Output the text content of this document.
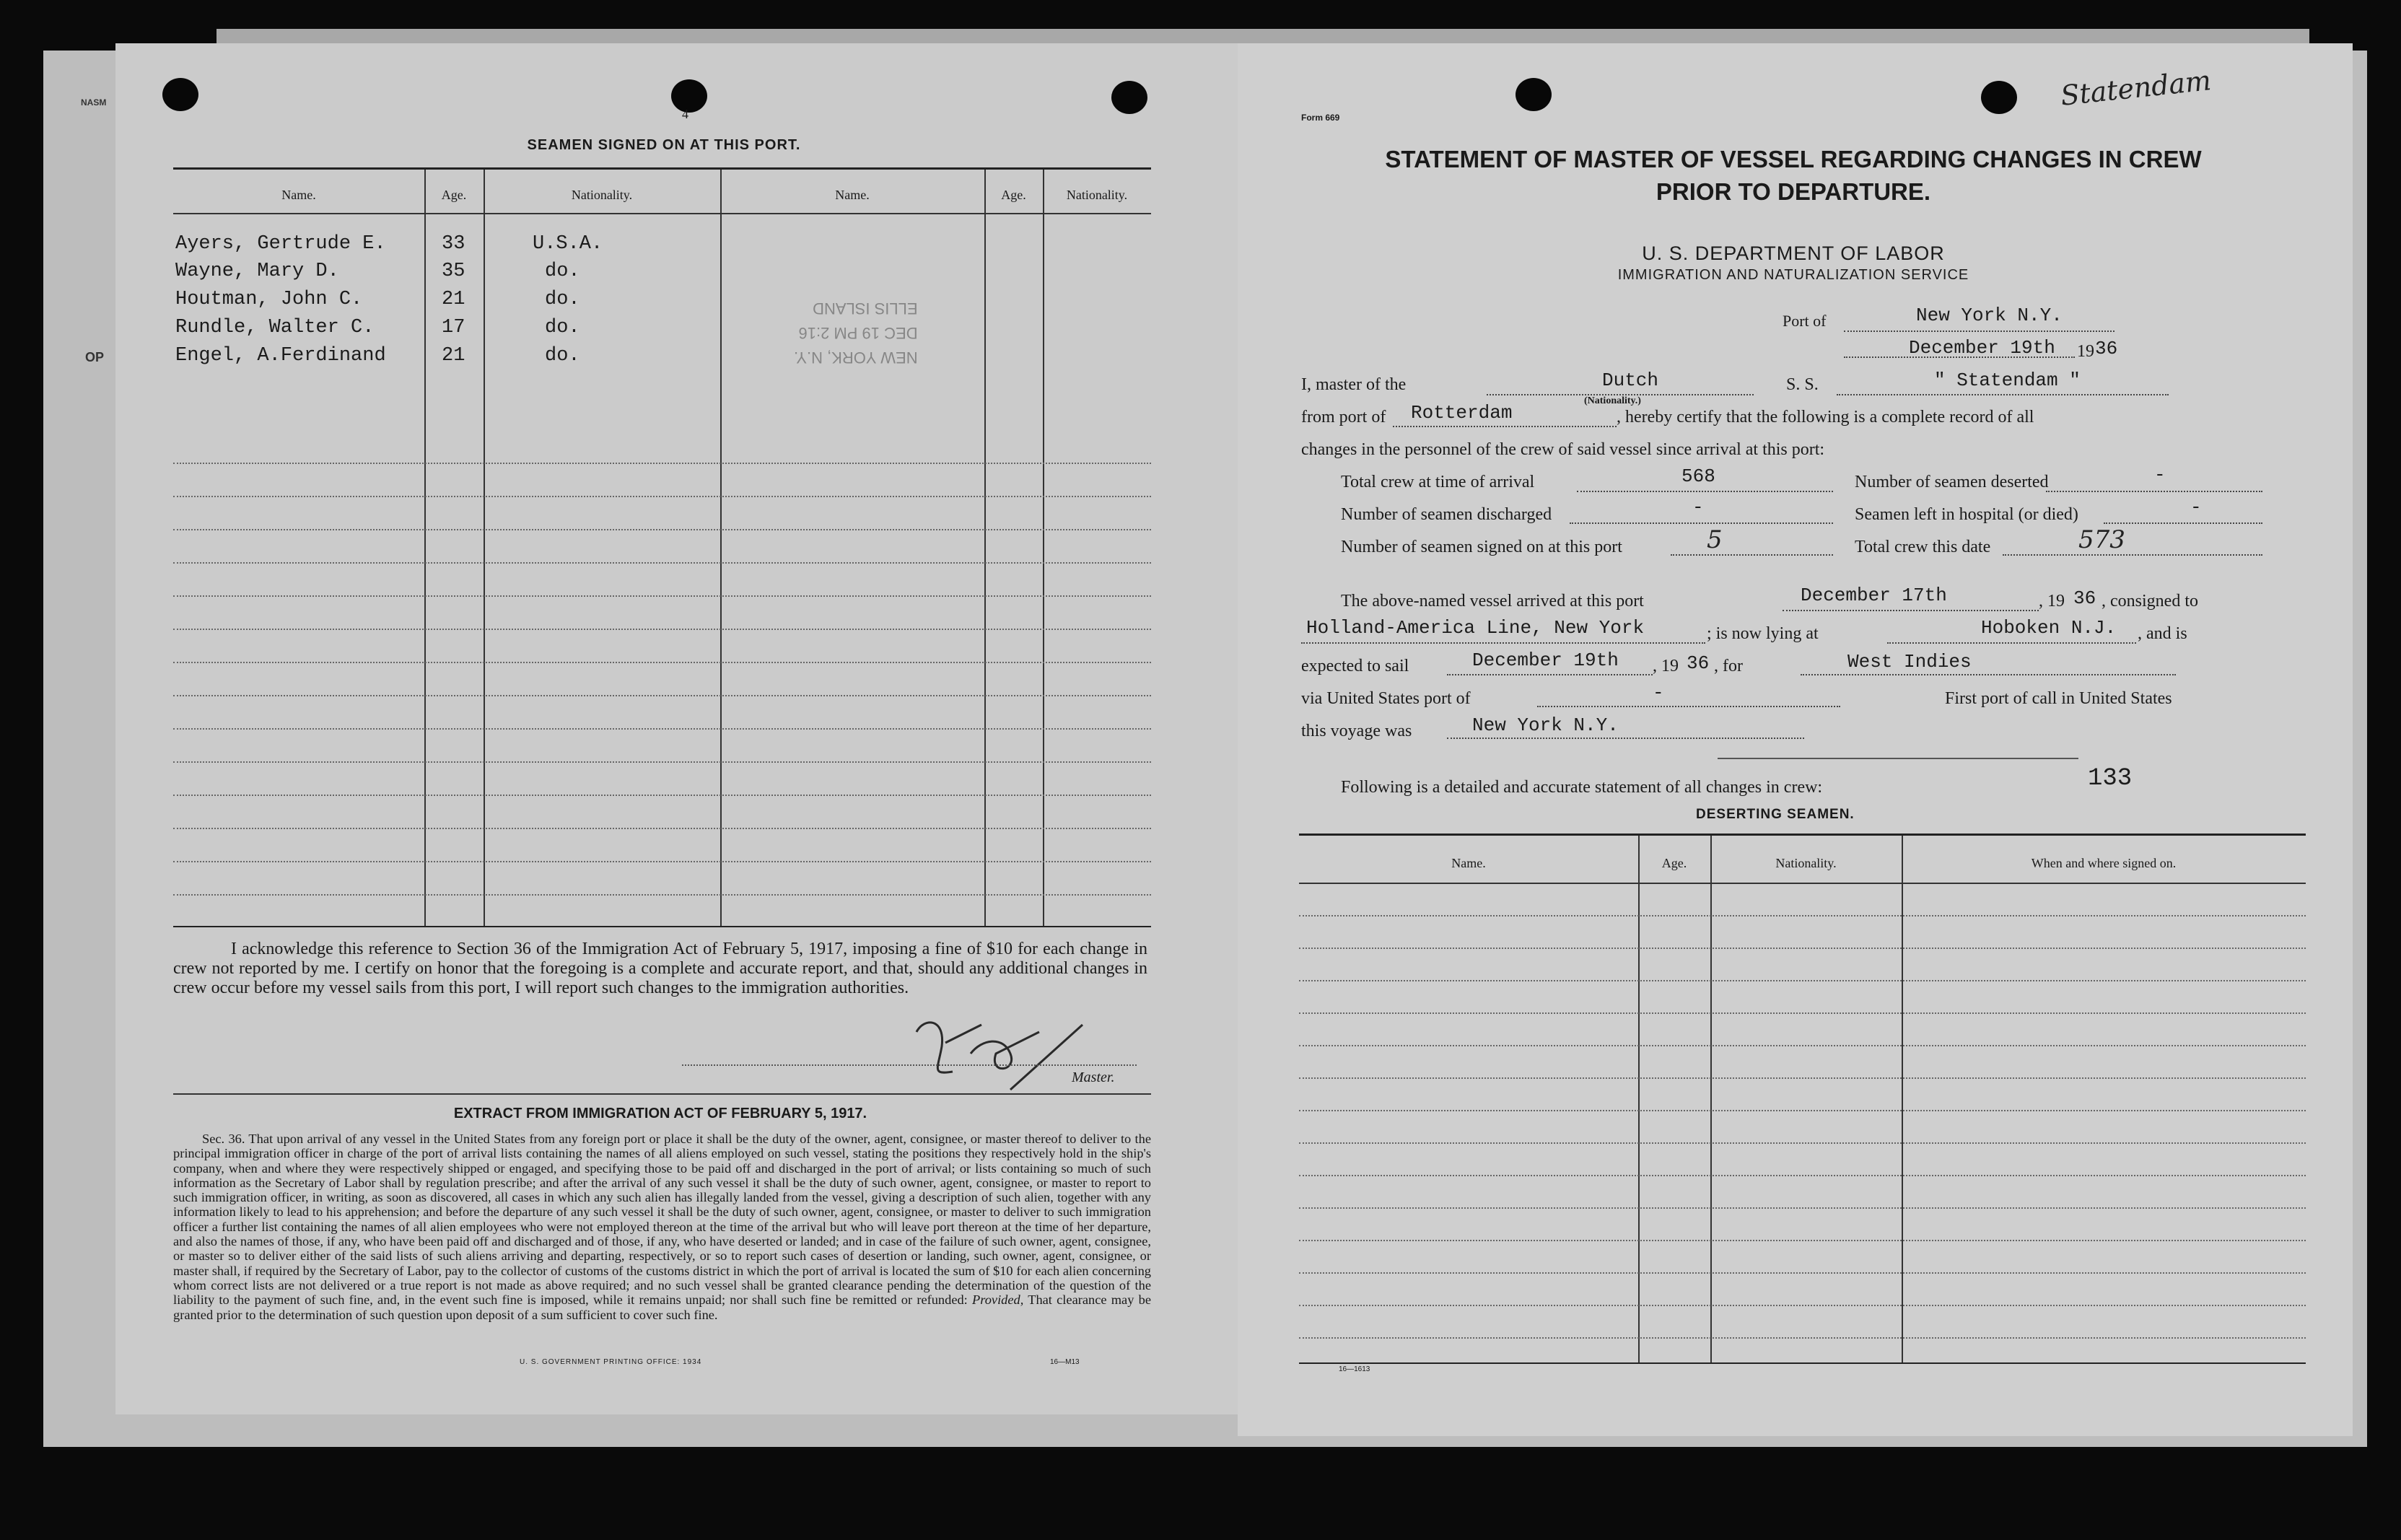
NASM
OP
4
SEAMEN SIGNED ON AT THIS PORT.
Name.	Age.	Nationality.	Name.	Age.	Nationality.
Ayers, Gertrude E.	33	U.S.A.
Wayne, Mary D.	35	do.
Houtman, John C.	21	do.
Rundle, Walter C.	17	do.
Engel, A.Ferdinand	21	do.	NEW YORK, N.Y.
DEC 19 PM 2:16
ELLIS ISLAND
I acknowledge this reference to Section 36 of the Immigration Act of February 5, 1917, imposing a fine of $10 for each change in crew not reported by me. I certify on honor that the foregoing is a complete and accurate report, and that, should any additional changes in crew occur before my vessel sails from this port, I will report such changes to the immigration authorities.
Master.
EXTRACT FROM IMMIGRATION ACT OF FEBRUARY 5, 1917.
Sec. 36. That upon arrival of any vessel in the United States from any foreign port or place it shall be the duty of the owner, agent, consignee, or master thereof to deliver to the principal immigration officer in charge of the port of arrival lists containing the names of all aliens employed on such vessel, stating the positions they respectively hold in the ship's company, when and where they were respectively shipped or engaged, and specifying those to be paid off and discharged in the port of arrival; or lists containing so much of such information as the Secretary of Labor shall by regulation prescribe; and after the arrival of any such vessel it shall be the duty of such owner, agent, consignee, or master to report to such immigration officer, in writing, as soon as discovered, all cases in which any such alien has illegally landed from the vessel, giving a description of such alien, together with any information likely to lead to his apprehension; and before the departure of any such vessel it shall be the duty of such owner, agent, consignee, or master to deliver to such immigration officer a further list containing the names of all alien employees who were not employed thereon at the time of the arrival but who will leave port thereon at the time of her departure, and also the names of those, if any, who have been paid off and discharged and of those, if any, who have deserted or landed; and in case of the failure of such owner, agent, consignee, or master so to deliver either of the said lists of such aliens arriving and departing, respectively, or so to report such cases of desertion or landing, such owner, agent, consignee, or master shall, if required by the Secretary of Labor, pay to the collector of customs of the customs district in which the port of arrival is located the sum of $10 for each alien concerning whom correct lists are not delivered or a true report is not made as above required; and no such vessel shall be granted clearance pending the determination of the question of the liability to the payment of such fine, and, in the event such fine is imposed, while it remains unpaid; nor shall such fine be remitted or refunded: Provided, That clearance may be granted prior to the determination of such question upon deposit of a sum sufficient to cover such fine.
U. S. GOVERNMENT PRINTING OFFICE: 1934	16—M13
Form 669
Statendam
STATEMENT OF MASTER OF VESSEL REGARDING CHANGES IN CREW
PRIOR TO DEPARTURE.
U. S. DEPARTMENT OF LABOR
IMMIGRATION AND NATURALIZATION SERVICE
Port of	New York N.Y.
December 19th 19 36
I, master of the	Dutch
(Nationality.)
S. S.	" Statendam "
from port of Rotterdam	, hereby certify that the following is a complete record of all
changes in the personnel of the crew of said vessel since arrival at this port:
Total crew at time of arrival	568
Number of seamen discharged	-
Number of seamen signed on at this port	5
Number of seamen deserted	-
Seamen left in hospital (or died)	-
Total crew this date	573
The above-named vessel arrived at this port	December 17th	, 19 36 , consigned to
Holland-America Line, New York	; is now lying at	Hoboken N.J. , and is
expected to sail	December 19th , 19 36 , for	West Indies
via United States port of	-	First port of call in United States
this voyage was	New York N.Y.
Following is a detailed and accurate statement of all changes in crew:	133
DESERTING SEAMEN.
Name.	Age.	Nationality.	When and where signed on.
16—1613
